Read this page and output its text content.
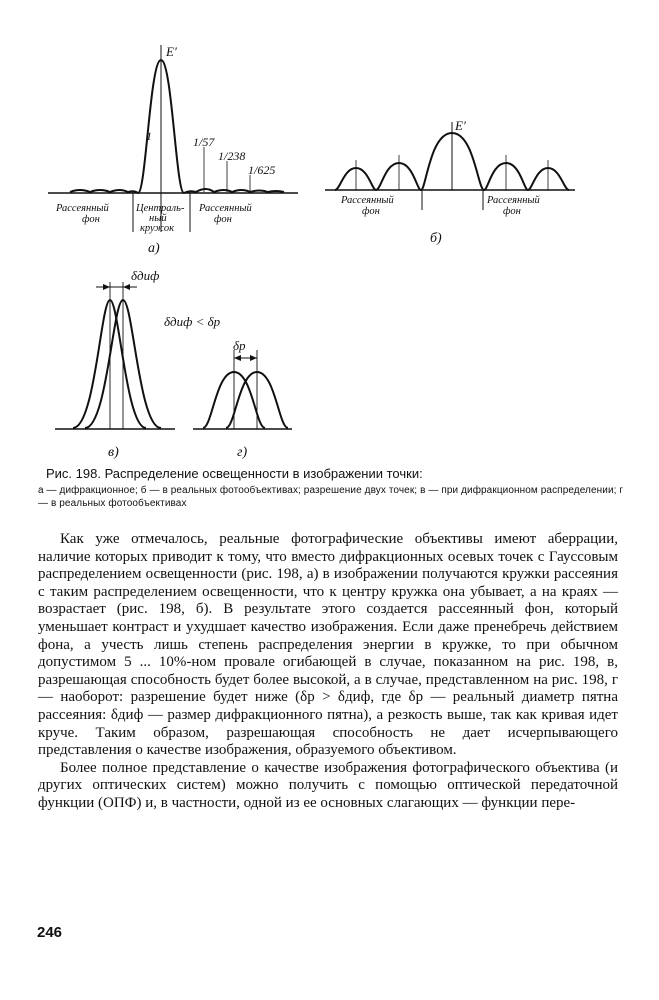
E′
1	1/57
1/238
1/625
Рассеянный
фон
Централь-
ный
кружок
Рассеянный
фон
а)
E′
Рассеянный
фон
Рассеянный
фон
б)
δдиф
δдиф < δр
в)
δр
г)
Рис. 198. Распределение освещенности в изображении точки:
а — дифракционное; б — в реальных фотообъективах; разрешение двух точек; в — при дифракционном распределении; г — в реальных фотообъективах

Как уже отмечалось, реальные фотографические объективы имеют аберрации, наличие которых приводит к тому, что вместо дифракционных осевых точек с Гауссовым распределением освещенности (рис. 198, а) в изображении получаются кружки рассеяния с таким распределением освещенности, что к центру кружка она убывает, а на краях — возрастает (рис. 198, б). В результате этого создается рассеянный фон, который уменьшает контраст и ухудшает качество изображения. Если даже пренебречь действием фона, а учесть лишь степень распределения энергии в кружке, то при обычном допустимом 5 ... 10%-ном провале огибающей в случае, показанном на рис. 198, в, разрешающая способность будет более высокой, а в случае, представленном на рис. 198, г — наоборот: разрешение будет ниже (δр > δдиф, где δр — реальный диаметр пятна рассеяния: δдиф — размер дифракционного пятна), а резкость выше, так как кривая идет круче. Таким образом, разрешающая способность не дает исчерпывающего представления о качестве изображения, образуемого объективом.

Более полное представление о качестве изображения фотографического объектива (и других оптических систем) можно получить с помощью оптической передаточной функции (ОПФ) и, в частности, одной из ее основных слагающих — функции пере-

246
